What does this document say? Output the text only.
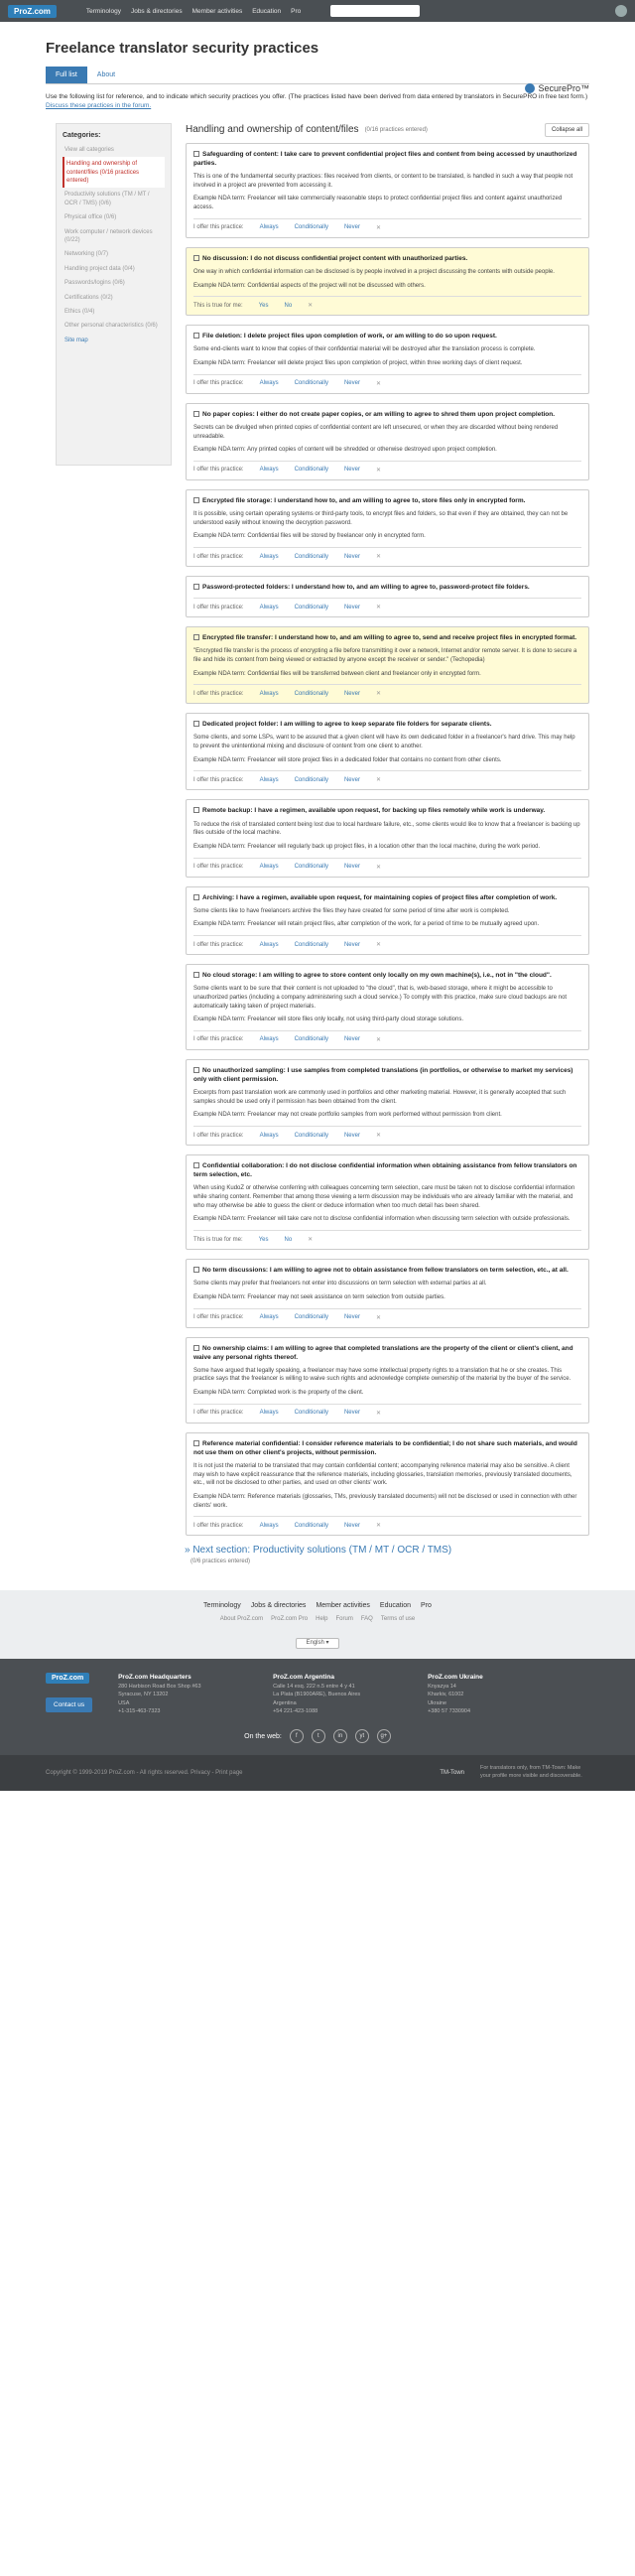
ProZ.com	Terminology Jobs & directories Member activities Education Pro
Freelance translator security practices
Full list	About
SecurePro™
Use the following list for reference, and to indicate which security practices you offer. (The practices listed have been derived from data entered by translators in SecurePRO in free text form.) Discuss these practices in the forum.
Categories:
View all categories
Handling and ownership of content/files (0/16 practices entered)
Productivity solutions (TM / MT / OCR / TMS) (0/6)
Physical office (0/6)
Work computer / network devices (0/22)
Networking (0/7)
Handling project data (0/4)
Passwords/logins (0/6)
Certifications (0/2)
Ethics (0/4)
Other personal characteristics (0/6)
Site map
Handling and ownership of content/files (0/16 practices entered)	Collapse all
Safeguarding of content: I take care to prevent confidential project files and content from being accessed by unauthorized parties.
This is one of the fundamental security practices: files received from clients, or content to be translated, is handled in such a way that people not involved in a project are prevented from accessing it.
Example NDA term: Freelancer will take commercially reasonable steps to protect confidential project files and content against unauthorized access.
I offer this practice:	Always	Conditionally	Never	✕
No discussion: I do not discuss confidential project content with unauthorized parties.
One way in which confidential information can be disclosed is by people involved in a project discussing the contents with outside people.
Example NDA term: Confidential aspects of the project will not be discussed with others.
This is true for me:	Yes	No	✕
File deletion: I delete project files upon completion of work, or am willing to do so upon request.
Some end-clients want to know that copies of their confidential material will be destroyed after the translation process is complete.
Example NDA term: Freelancer will delete project files upon completion of project, within three working days of client request.
I offer this practice:	Always	Conditionally	Never	✕
No paper copies: I either do not create paper copies, or am willing to agree to shred them upon project completion.
Secrets can be divulged when printed copies of confidential content are left unsecured, or when they are discarded without being rendered unreadable.
Example NDA term: Any printed copies of content will be shredded or otherwise destroyed upon project completion.
I offer this practice:	Always	Conditionally	Never	✕
Encrypted file storage: I understand how to, and am willing to agree to, store files only in encrypted form.
It is possible, using certain operating systems or third-party tools, to encrypt files and folders, so that even if they are obtained, they can not be understood easily without knowing the decryption password.
Example NDA term: Confidential files will be stored by freelancer only in encrypted form.
I offer this practice:	Always	Conditionally	Never	✕
Password-protected folders: I understand how to, and am willing to agree to, password-protect file folders.
I offer this practice:	Always	Conditionally	Never	✕
Encrypted file transfer: I understand how to, and am willing to agree to, send and receive project files in encrypted format.
"Encrypted file transfer is the process of encrypting a file before transmitting it over a network, Internet and/or remote server. It is done to secure a file and hide its content from being viewed or extracted by anyone except the receiver or sender." (Techopedia)
Example NDA term: Confidential files will be transferred between client and freelancer only in encrypted form.
I offer this practice:	Always	Conditionally	Never	✕
Dedicated project folder: I am willing to agree to keep separate file folders for separate clients.
Some clients, and some LSPs, want to be assured that a given client will have its own dedicated folder in a freelancer's hard drive. This may help to prevent the unintentional mixing and disclosure of content from one client to another.
Example NDA term: Freelancer will store project files in a dedicated folder that contains no content from other clients.
I offer this practice:	Always	Conditionally	Never	✕
Remote backup: I have a regimen, available upon request, for backing up files remotely while work is underway.
To reduce the risk of translated content being lost due to local hardware failure, etc., some clients would like to know that a freelancer is backing up files outside of the local machine.
Example NDA term: Freelancer will regularly back up project files, in a location other than the local machine, during the work period.
I offer this practice:	Always	Conditionally	Never	✕
Archiving: I have a regimen, available upon request, for maintaining copies of project files after completion of work.
Some clients like to have freelancers archive the files they have created for some period of time after work is completed.
Example NDA term: Freelancer will retain project files, after completion of the work, for a period of time to be mutually agreed upon.
I offer this practice:	Always	Conditionally	Never	✕
No cloud storage: I am willing to agree to store content only locally on my own machine(s), i.e., not in "the cloud".
Some clients want to be sure that their content is not uploaded to "the cloud", that is, web-based storage, where it might be accessible to unauthorized parties (including a company administering such a cloud service.) To comply with this practice, make sure cloud backups are not automatically taking taken of project materials.
Example NDA term: Freelancer will store files only locally, not using third-party cloud storage solutions.
I offer this practice:	Always	Conditionally	Never	✕
No unauthorized sampling: I use samples from completed translations (in portfolios, or otherwise to market my services) only with client permission.
Excerpts from past translation work are commonly used in portfolios and other marketing material. However, it is generally accepted that such samples should be used only if permission has been obtained from the client.
Example NDA term: Freelancer may not create portfolio samples from work performed without permission from client.
I offer this practice:	Always	Conditionally	Never	✕
Confidential collaboration: I do not disclose confidential information when obtaining assistance from fellow translators on term selection, etc.
When using KudoZ or otherwise conferring with colleagues concerning term selection, care must be taken not to disclose confidential information while sharing content. Remember that among those viewing a term discussion may be individuals who are already familiar with the material, and who may otherwise be able to guess the client or deduce information when too much detail has been shared.
Example NDA term: Freelancer will take care not to disclose confidential information when discussing term selection with outside professionals.
This is true for me:	Yes	No	✕
No term discussions: I am willing to agree not to obtain assistance from fellow translators on term selection, etc., at all.
Some clients may prefer that freelancers not enter into discussions on term selection with external parties at all.
Example NDA term: Freelancer may not seek assistance on term selection from outside parties.
I offer this practice:	Always	Conditionally	Never	✕
No ownership claims: I am willing to agree that completed translations are the property of the client or client's client, and waive any personal rights thereof.
Some have argued that legally speaking, a freelancer may have some intellectual property rights to a translation that he or she creates. This practice says that the freelancer is willing to waive such rights and acknowledge complete ownership of the material by the buyer of the service.
Example NDA term: Completed work is the property of the client.
I offer this practice:	Always	Conditionally	Never	✕
Reference material confidential: I consider reference materials to be confidential; I do not share such materials, and would not use them on other client's projects, without permission.
It is not just the material to be translated that may contain confidential content; accompanying reference material may also be sensitive. A client may wish to have explicit reassurance that the reference materials, including glossaries, translation memories, previously translated documents, etc., will not be disclosed to other parties, and used on other clients' work.
Example NDA term: Reference materials (glossaries, TMs, previously translated documents) will not be disclosed or used in connection with other clients' work.
I offer this practice:	Always	Conditionally	Never	✕
» Next section: Productivity solutions (TM / MT / OCR / TMS)
(0/6 practices entered)
Terminology Jobs & directories Member activities Education Pro
About ProZ.com ProZ.com Pro Help Forum FAQ Terms of use
Englsh ▾
ProZ.com
Contact us
ProZ.com Headquarters
280 Harbison Road Box Shop #63
Syracuse, NY 13202
USA
+1-315-463-7323
ProZ.com Argentina
Calle 14 esq. 222 n.5 entre 4 y 41
La Plata (B1900ARE), Buenos Aires
Argentina
+54 221-423-1088
ProZ.com Ukraine
Knyazya 14
Kharkiv, 61002
Ukraine
+380 57 7330904
On the web:	f	t	in	yt	g+
Copyright © 1999-2019 ProZ.com - All rights reserved. Privacy - Print page	TM-Town
For translators only, from TM-Town: Make your profile more visible and discoverable.
